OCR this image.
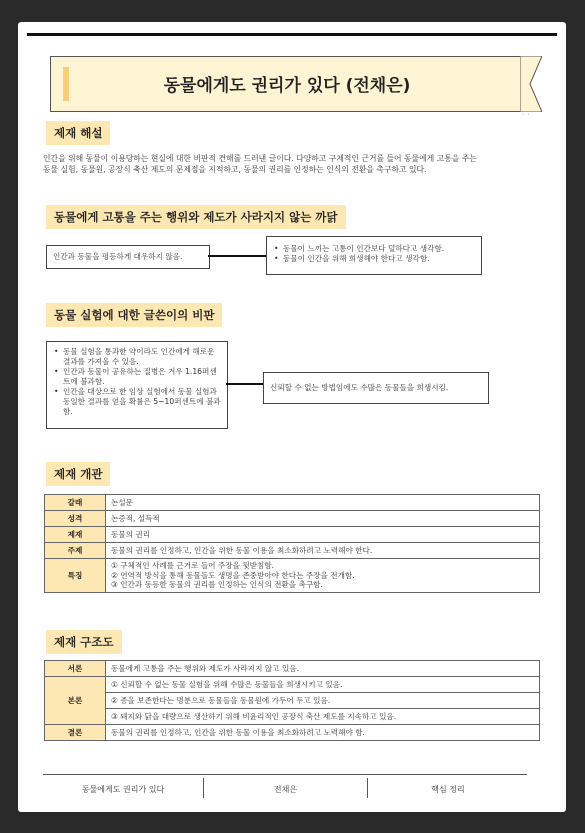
동물에게도 권리가 있다 (전채은)
· ·
제재 해설
인간을 위해 동물이 이용당하는 현실에 대한 비판적 견해를 드러낸 글이다. 다양하고 구체적인 근거를 들어 동물에게 고통을 주는
동물 실험, 동물원, 공장식 축산 제도의 문제점을 지적하고, 동물의 권리를 인정하는 인식의 전환을 촉구하고 있다.
동물에게 고통을 주는 행위와 제도가 사라지지 않는 까닭
인간과 동물을 평등하게 대우하지 않음.
• 동물이 느끼는 고통이 인간보다 덜하다고 생각함.
• 동물이 인간을 위해 희생해야 한다고 생각함.
동물 실험에 대한 글쓴이의 비판
• 동물 실험을 통과한 약이라도 인간에게 해로운 결과를 가져올 수 있음.
• 인간과 동물이 공유하는 질병은 겨우 1.16퍼센트에 불과함.
• 인간을 대상으로 한 임상 실험에서 동물 실험과 동일한 결과를 얻을 확률은 5~10퍼센트에 불과함.
신뢰할 수 없는 방법임에도 수많은 동물들을 희생시킴.
제재 개관
갈래	논설문
성격	논증적, 설득적
제재	동물의 권리
주제	동물의 권리를 인정하고, 인간을 위한 동물 이용을 최소화하려고 노력해야 한다.
특징	① 구체적인 사례를 근거로 들어 주장을 뒷받침함.
② 연역적 방식을 통해 동물들도 생명을 존중받아야 한다는 주장을 전개함.
③ 인간과 동등한 동물의 권리를 인정하는 인식의 전환을 촉구함.
제재 구조도
서론	동물에게 고통을 주는 행위와 제도가 사라지지 않고 있음.
본론	① 신뢰할 수 없는 동물 실험을 위해 수많은 동물들을 희생시키고 있음.
	② 종을 보존한다는 명분으로 동물들을 동물원에 가두어 두고 있음.
	③ 돼지와 닭을 대량으로 생산하기 위해 비윤리적인 공장식 축산 제도를 지속하고 있음.
결론	동물의 권리를 인정하고, 인간을 위한 동물 이용을 최소화하려고 노력해야 함.
동물에게도 권리가 있다	전채은	핵심 정리
